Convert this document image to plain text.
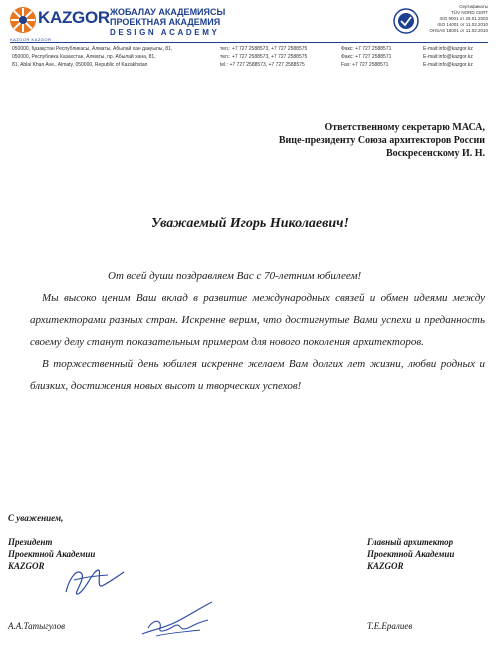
KAZGOR
KAZGOR KAZGOR
ЖОБАЛАУ АКАДЕМИЯСЫ
ПРОЕКТНАЯ АКАДЕМИЯ
DESIGN ACADEMY
Сертификаты
TÜV NORD CERT
ISO 9001 от 28.01.2003
ISO 14001 от 11.02.2010
OHSAS 18001 от 11.02.2010
050000, Қазақстан Республикасы, Алматы, Абылай хан даңғылы, 81,
050000, Республика Казахстан, Алматы, пр. Абылай хана, 81,
81, Ablai Khan Ave., Almaty, 050000, Republic of Kazakhstan
тел.: +7 727 2588573, +7 727 2588575
тел.: +7 727 2588573, +7 727 2588575
tel.: +7 727 2588573, +7 727 2588575
Факс: +7 727 2588571
Факс: +7 727 2588571
Fax: +7 727 2588571
E-mail:info@kazgor.kz
E-mail:info@kazgor.kz
E-mail:info@kazgor.kz
Ответственному секретарю МАСА,
Вице-президенту Союза архитекторов России
Воскресенскому И. Н.
Уважаемый Игорь Николаевич!
От всей души поздравляем Вас с 70-летним юбилеем!
Мы высоко ценим Ваш вклад в развитие международных связей и обмен идеями между архитекторами разных стран. Искренне верим, что достигнутые Вами успехи и преданность своему делу станут показательным примером для нового поколения архитекторов.
В торжественный день юбилея искренне желаем Вам долгих лет жизни, любви родных и близких, достижения новых высот и творческих успехов!
С уважением,
Президент
Проектной Академии
KAZGOR
Главный архитектор
Проектной Академии
KAZGOR
А.А.Татыгулов	Т.Е.Ералиев
